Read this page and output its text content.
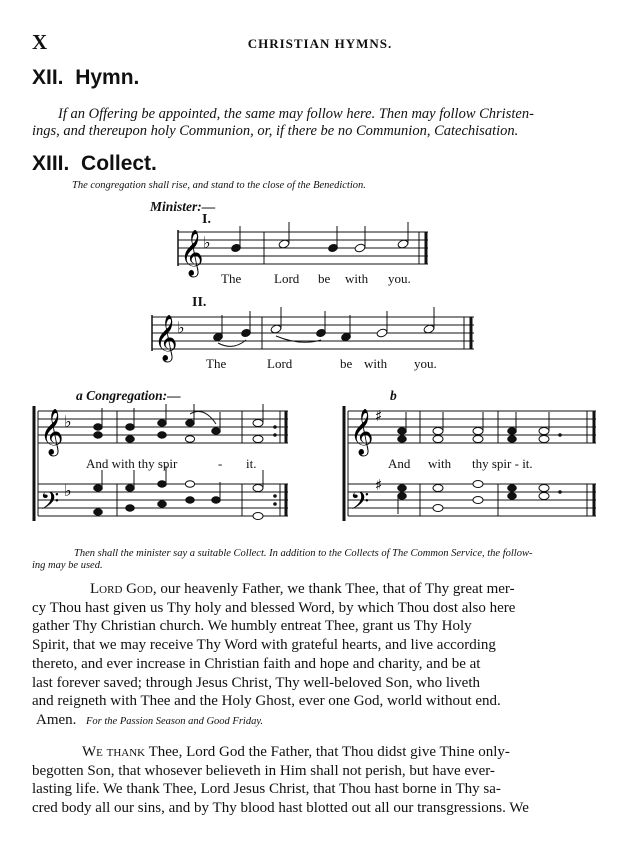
X	CHRISTIAN HYMNS.
XII. Hymn.
If an Offering be appointed, the same may follow here. Then may follow Christen-
ings, and thereupon holy Communion, or, if there be no Communion, Catechisation.
XIII. Collect.
The congregation shall rise, and stand to the close of the Benediction.
Minister:—
I.
𝄞 ♭
The	Lord be with you.
II.
𝄞 ♭
The	Lord	be with you.
a Congregation:—	b
𝄞 ♭
𝄢 ♭
And with thy spir	- it.
𝄞 ♯
𝄢
♯
And with thy spir - it.
Then shall the minister say a suitable Collect. In addition to the Collects of The Common Service, the follow-
ing may be used.
Lord God, our heavenly Father, we thank Thee, that of Thy great mer-
cy Thou hast given us Thy holy and blessed Word, by which Thou dost also here
gather Thy Christian church. We humbly entreat Thee, grant us Thy Holy
Spirit, that we may receive Thy Word with grateful hearts, and live according
thereto, and ever increase in Christian faith and hope and charity, and be at
last forever saved; through Jesus Christ, Thy well-beloved Son, who liveth
and reigneth with Thee and the Holy Ghost, ever one God, world without end.
Amen. For the Passion Season and Good Friday.
We thank Thee, Lord God the Father, that Thou didst give Thine only-
begotten Son, that whosever believeth in Him shall not perish, but have ever-
lasting life. We thank Thee, Lord Jesus Christ, that Thou hast borne in Thy sa-
cred body all our sins, and by Thy blood hast blotted out all our transgressions. We
